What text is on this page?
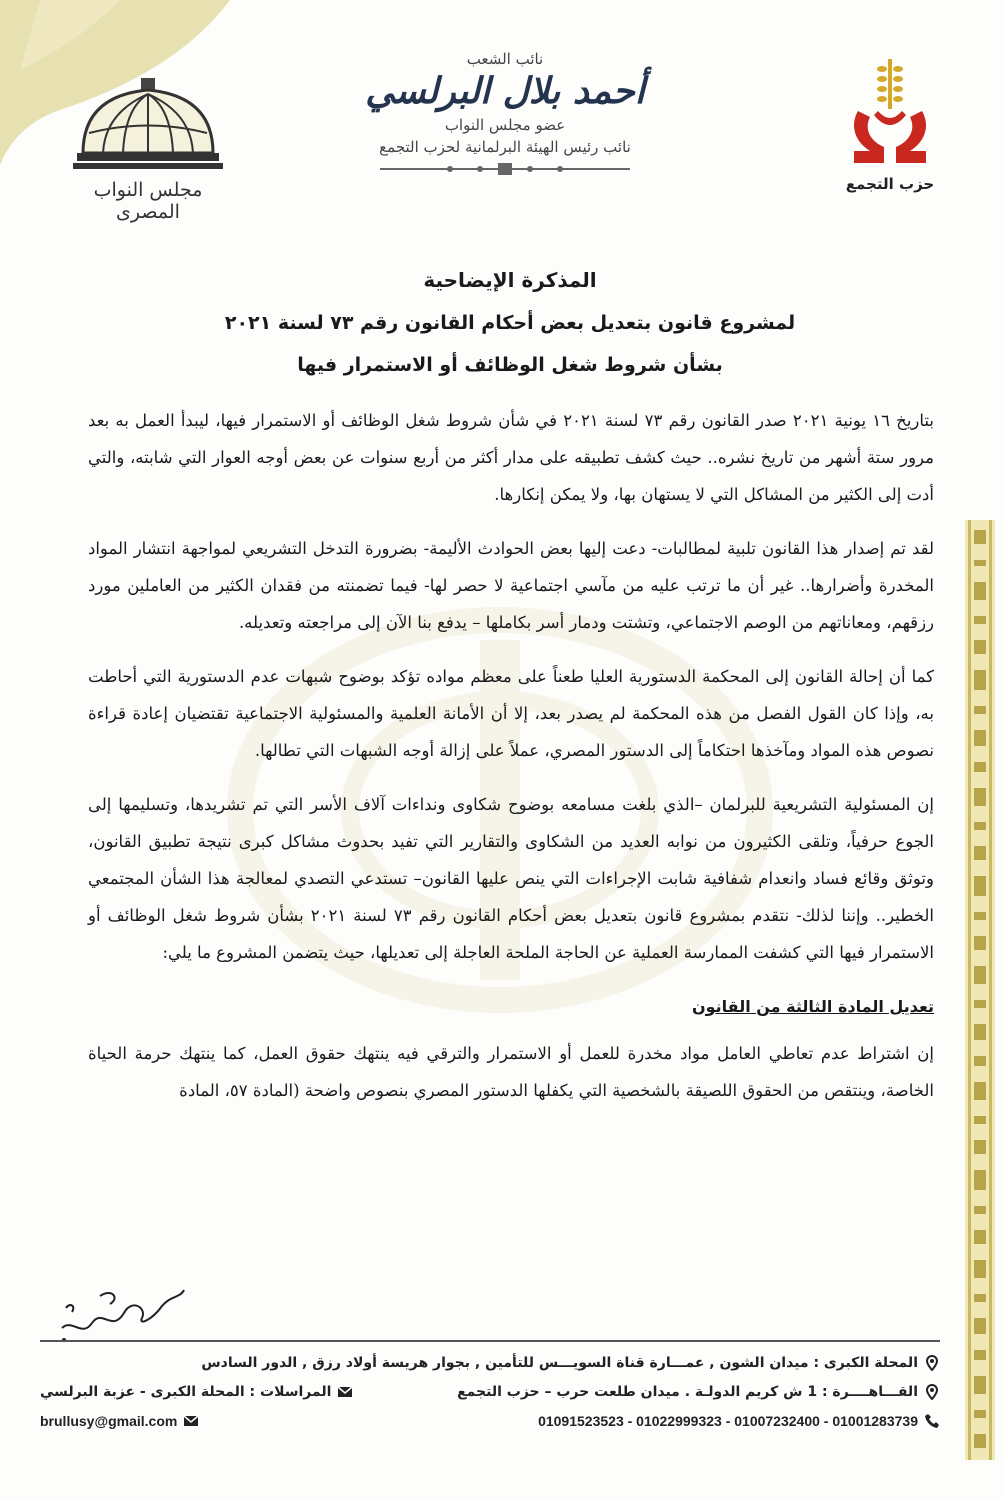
مجلس النواب المصرى
نائب الشعب
أحمد بلال البرلسي
عضو مجلس النواب
نائب رئيس الهيئة البرلمانية لحزب التجمع
حزب التجمع
المذكرة الإيضاحية
لمشروع قانون بتعديل بعض أحكام القانون رقم ٧٣ لسنة ٢٠٢١
بشأن شروط شغل الوظائف أو الاستمرار فيها

بتاريخ ١٦ يونية ٢٠٢١ صدر القانون رقم ٧٣ لسنة ٢٠٢١ في شأن شروط شغل الوظائف أو الاستمرار فيها، ليبدأ العمل به بعد مرور ستة أشهر من تاريخ نشره.. حيث كشف تطبيقه على مدار أكثر من أربع سنوات عن بعض أوجه العوار التي شابته، والتي أدت إلى الكثير من المشاكل التي لا يستهان بها، ولا يمكن إنكارها.

لقد تم إصدار هذا القانون تلبية لمطالبات- دعت إليها بعض الحوادث الأليمة- بضرورة التدخل التشريعي لمواجهة انتشار المواد المخدرة وأضرارها.. غير أن ما ترتب عليه من مآسي اجتماعية لا حصر لها- فيما تضمنته من فقدان الكثير من العاملين مورد رزقهم، ومعاناتهم من الوصم الاجتماعي، وتشتت ودمار أسر بكاملها – يدفع بنا الآن إلى مراجعته وتعديله.

كما أن إحالة القانون إلى المحكمة الدستورية العليا طعناً على معظم مواده تؤكد بوضوح شبهات عدم الدستورية التي أحاطت به، وإذا كان القول الفصل من هذه المحكمة لم يصدر بعد، إلا أن الأمانة العلمية والمسئولية الاجتماعية تقتضيان إعادة قراءة نصوص هذه المواد ومآخذها احتكاماً إلى الدستور المصري، عملاً على إزالة أوجه الشبهات التي تطالها.

إن المسئولية التشريعية للبرلمان –الذي بلغت مسامعه بوضوح شكاوى ونداءات آلاف الأسر التي تم تشريدها، وتسليمها إلى الجوع حرفياً، وتلقى الكثيرون من نوابه العديد من الشكاوى والتقارير التي تفيد بحدوث مشاكل كبرى نتيجة تطبيق القانون، وتوثق وقائع فساد وانعدام شفافية شابت الإجراءات التي ينص عليها القانون– تستدعي التصدي لمعالجة هذا الشأن المجتمعي الخطير.. وإننا لذلك- نتقدم بمشروع قانون بتعديل بعض أحكام القانون رقم ٧٣ لسنة ٢٠٢١ بشأن شروط شغل الوظائف أو الاستمرار فيها التي كشفت الممارسة العملية عن الحاجة الملحة العاجلة إلى تعديلها، حيث يتضمن المشروع ما يلي:

تعديل المادة الثالثة من القانون

إن اشتراط عدم تعاطي العامل مواد مخدرة للعمل أو الاستمرار والترقي فيه ينتهك حقوق العمل، كما ينتهك حرمة الحياة الخاصة، وينتقص من الحقوق اللصيقة بالشخصية التي يكفلها الدستور المصري بنصوص واضحة (المادة ٥٧، المادة

المحلة الكبرى : ميدان الشون , عمـــارة قناة السويـــس للتأمين , بجوار هريسة أولاد رزق , الدور السادس
القـــاهــــرة : 1 ش كريم الدولـة . ميدان طلعت حرب – حزب التجمع
المراسلات : المحلة الكبرى - عزبة البرلسي
01091523523 - 01022999323 - 01007232400 - 01001283739
brullusy@gmail.com
